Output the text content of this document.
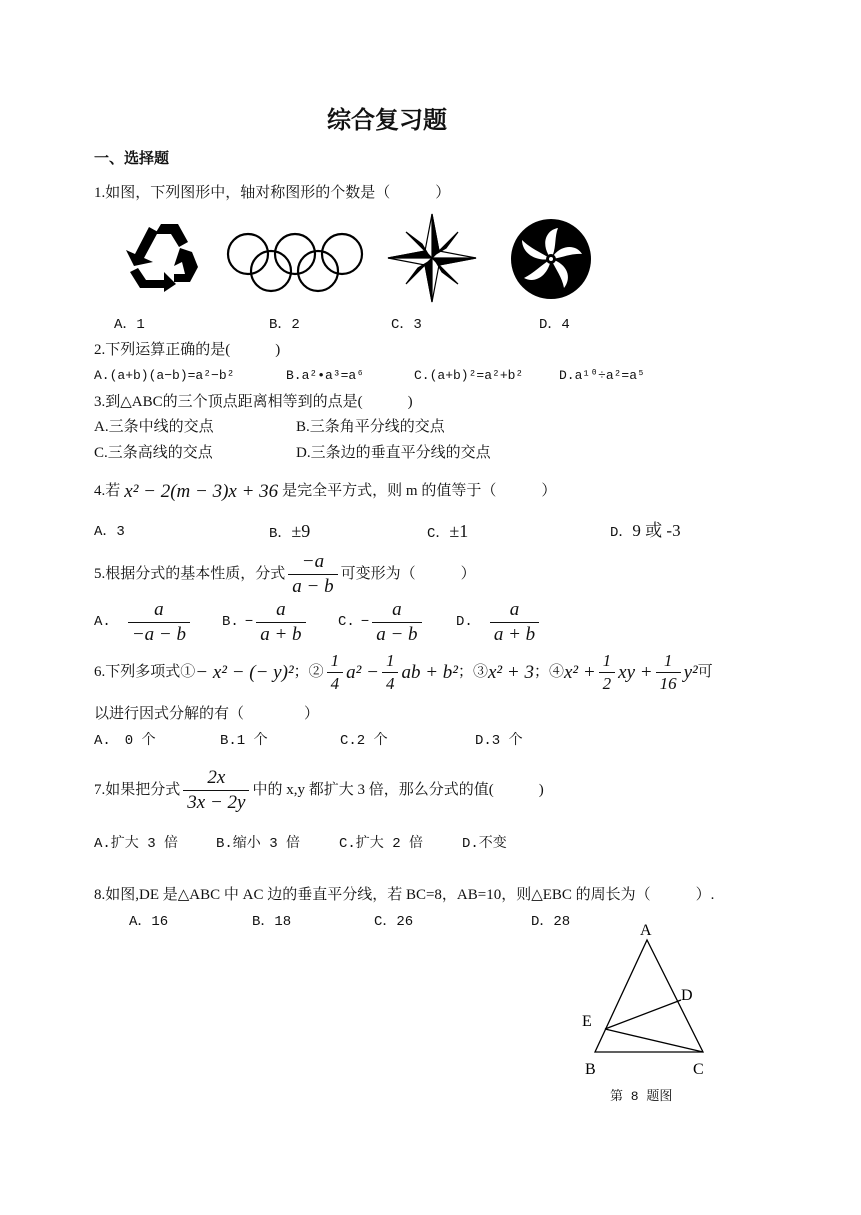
综合复习题
一、选择题
1.如图，下列图形中，轴对称图形的个数是（　　　）
A．1	B．2	C．3	D．4
2.下列运算正确的是(　　　)
A.(a+b)(a−b)=a²−b²	B.a²•a³=a⁶	C.(a+b)²=a²+b²	D.a¹⁰÷a²=a⁵
3.到△ABC的三个顶点距离相等到的点是(　　　)
A.三条中线的交点	B.三条角平分线的交点
C.三条高线的交点	D.三条边的垂直平分线的交点
4.若 x² − 2(m − 3)x + 36 是完全平方式，则 m 的值等于（　　　）
A．3	B．±9	C．±1	D．9 或 -3
5.根据分式的基本性质，分式 $\frac{-a}{a - b}$ 可变形为（　　　）
A. $\frac{a}{-a - b} B$. − $\frac{a}{a + b} C$. − $\frac{a}{a - b} D$. $\frac{a}{a + b}$
6.下列多项式① − x² − (− y)² ；② $\frac{1}{4} a^2 - \frac{1}{4}$ ab + b² ；③ x² + 3 ；④ $x^2 + \frac{1}{2}$ xy + $\frac{1}{16} y^2$ 可
以进行因式分解的有（　　　　）
A.　0 个	B.1 个	C.2 个	D.3 个
7.如果把分式 $\frac{2x}{3x - 2y}$ 中的 x,y 都扩大 3 倍，那么分式的值(　　　)
A.扩大 3 倍	B.缩小 3 倍	C.扩大 2 倍	D.不变
8.如图,DE 是△ABC 中 AC 边的垂直平分线，若 BC=8，AB=10，则△EBC 的周长为（　　　）.
A．16	B．18	C．26	D．28	A
D
E
B	C
第 8 题图
